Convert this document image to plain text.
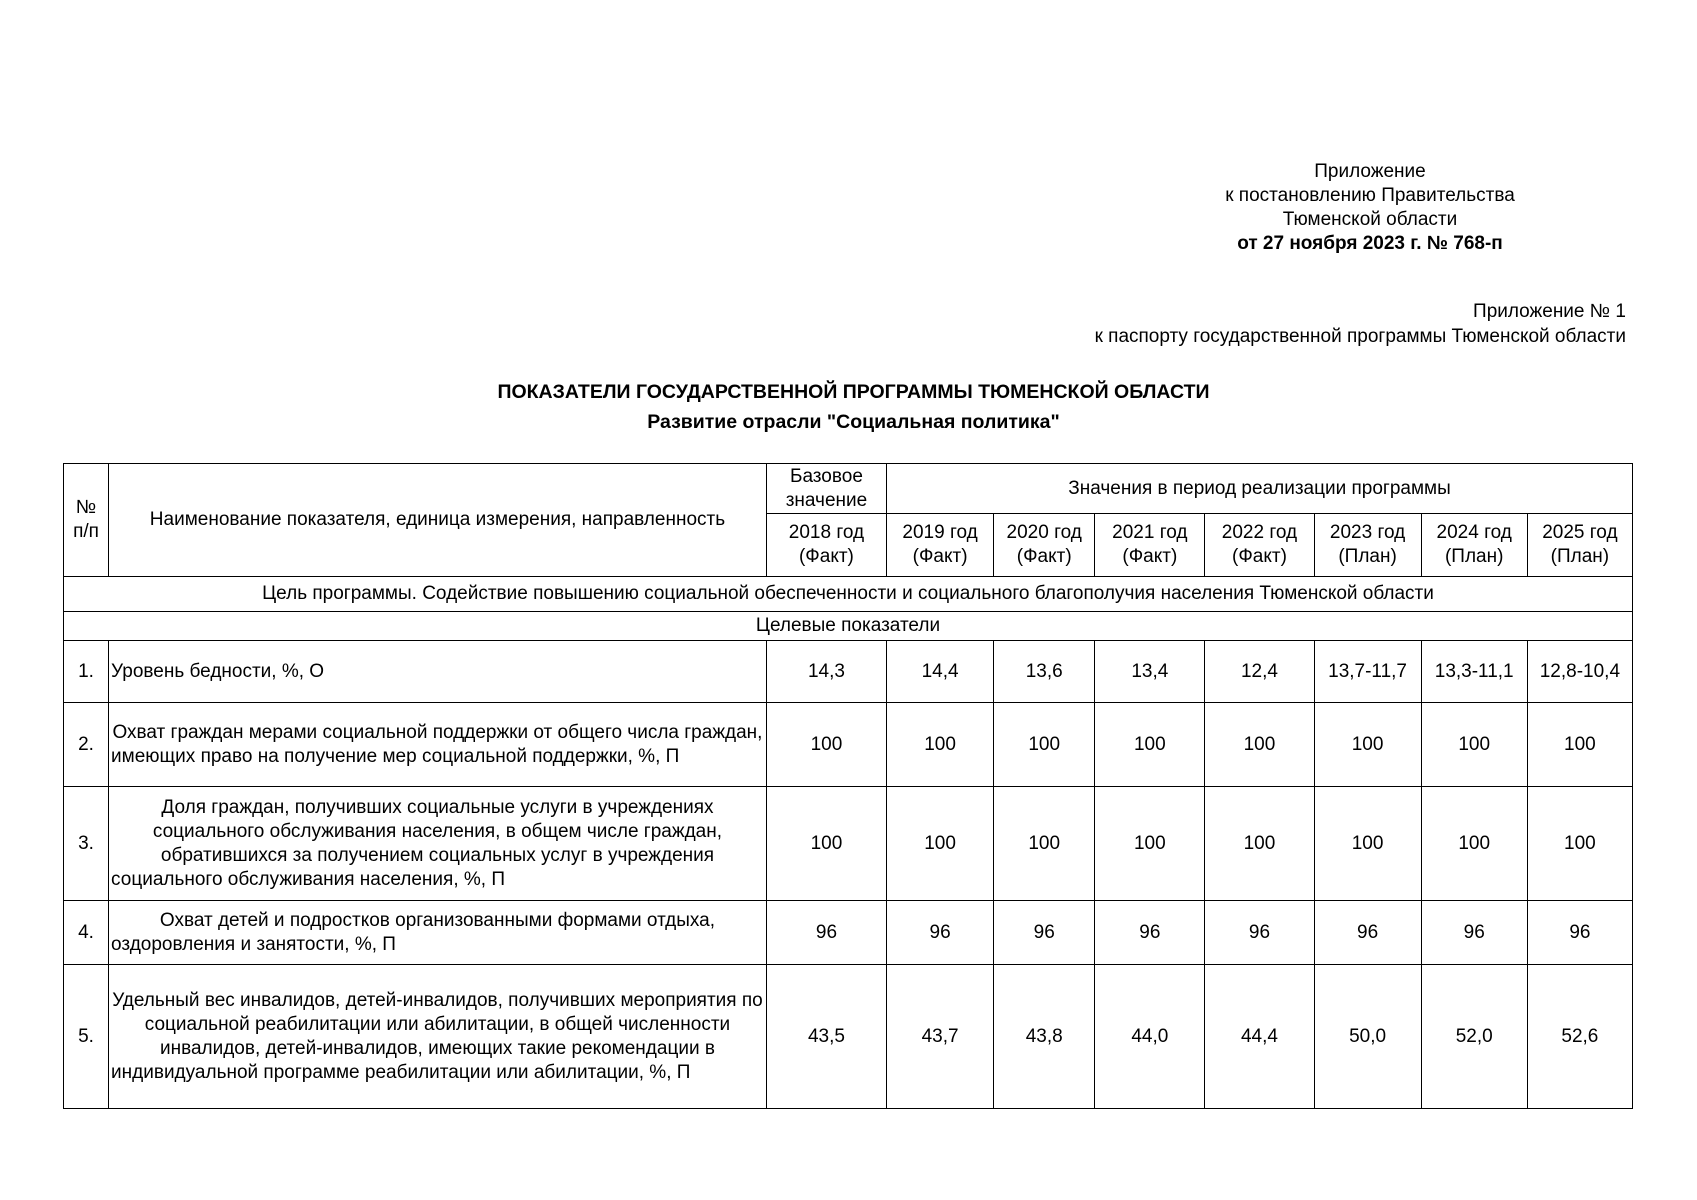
Приложение
к постановлению Правительства
Тюменской области
от 27 ноября 2023 г. № 768-п
Приложение № 1
к паспорту государственной программы Тюменской области
ПОКАЗАТЕЛИ ГОСУДАРСТВЕННОЙ ПРОГРАММЫ ТЮМЕНСКОЙ ОБЛАСТИ
Развитие отрасли "Социальная политика"
№ п/п	Наименование показателя, единица измерения, направленность	Базовое значение	Значения в период реализации программы						
		2018 год (Факт)	2019 год (Факт)	2020 год (Факт)	2021 год (Факт)	2022 год (Факт)	2023 год (План)	2024 год (План)	2025 год (План)
Цель программы. Содействие повышению социальной обеспеченности и социального благополучия населения Тюменской области									
Целевые показатели									
1.	Уровень бедности, %, О	14,3	14,4	13,6	13,4	12,4	13,7-11,7	13,3-11,1	12,8-10,4
2.	Охват граждан мерами социальной поддержки от общего числа граждан, имеющих право на получение мер социальной поддержки, %, П	100	100	100	100	100	100	100	100
3.	Доля граждан, получивших социальные услуги в учреждениях социального обслуживания населения, в общем числе граждан, обратившихся за получением социальных услуг в учреждения социального обслуживания населения, %, П	100	100	100	100	100	100	100	100
4.	Охват детей и подростков организованными формами отдыха, оздоровления и занятости, %, П	96	96	96	96	96	96	96	96
5.	Удельный вес инвалидов, детей-инвалидов, получивших мероприятия по социальной реабилитации или абилитации, в общей численности инвалидов, детей-инвалидов, имеющих такие рекомендации в индивидуальной программе реабилитации или абилитации, %, П	43,5	43,7	43,8	44,0	44,4	50,0	52,0	52,6
